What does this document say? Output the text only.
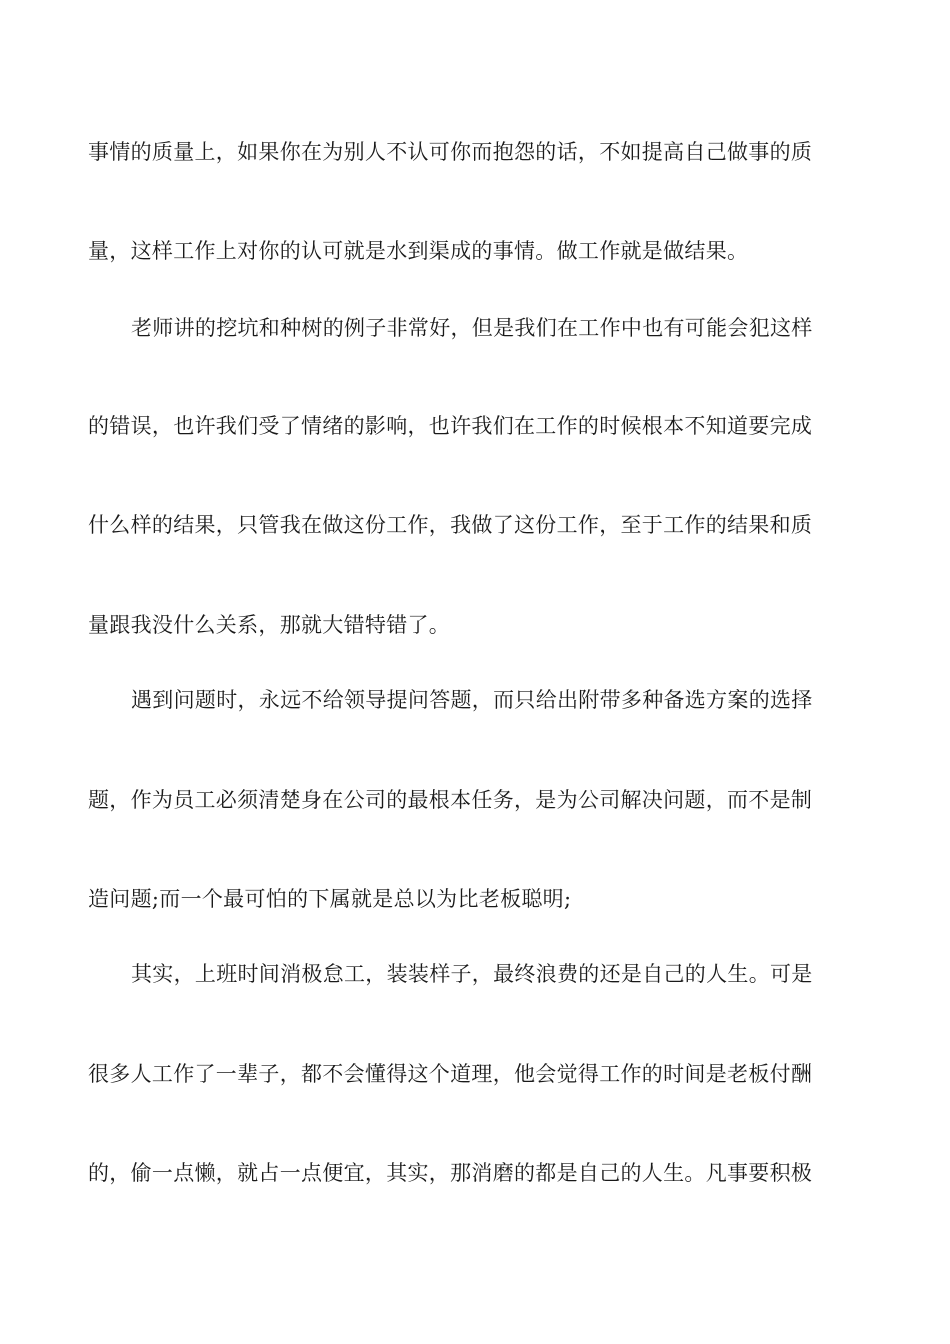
事情的质量上，如果你在为别人不认可你而抱怨的话，不如提高自己做事的质
量，这样工作上对你的认可就是水到渠成的事情。做工作就是做结果。
老师讲的挖坑和种树的例子非常好，但是我们在工作中也有可能会犯这样
的错误，也许我们受了情绪的影响，也许我们在工作的时候根本不知道要完成
什么样的结果，只管我在做这份工作，我做了这份工作，至于工作的结果和质
量跟我没什么关系，那就大错特错了。
遇到问题时，永远不给领导提问答题，而只给出附带多种备选方案的选择
题，作为员工必须清楚身在公司的最根本任务，是为公司解决问题，而不是制
造问题;而一个最可怕的下属就是总以为比老板聪明;
其实，上班时间消极怠工，装装样子，最终浪费的还是自己的人生。可是
很多人工作了一辈子，都不会懂得这个道理，他会觉得工作的时间是老板付酬
的，偷一点懒，就占一点便宜，其实，那消磨的都是自己的人生。凡事要积极
